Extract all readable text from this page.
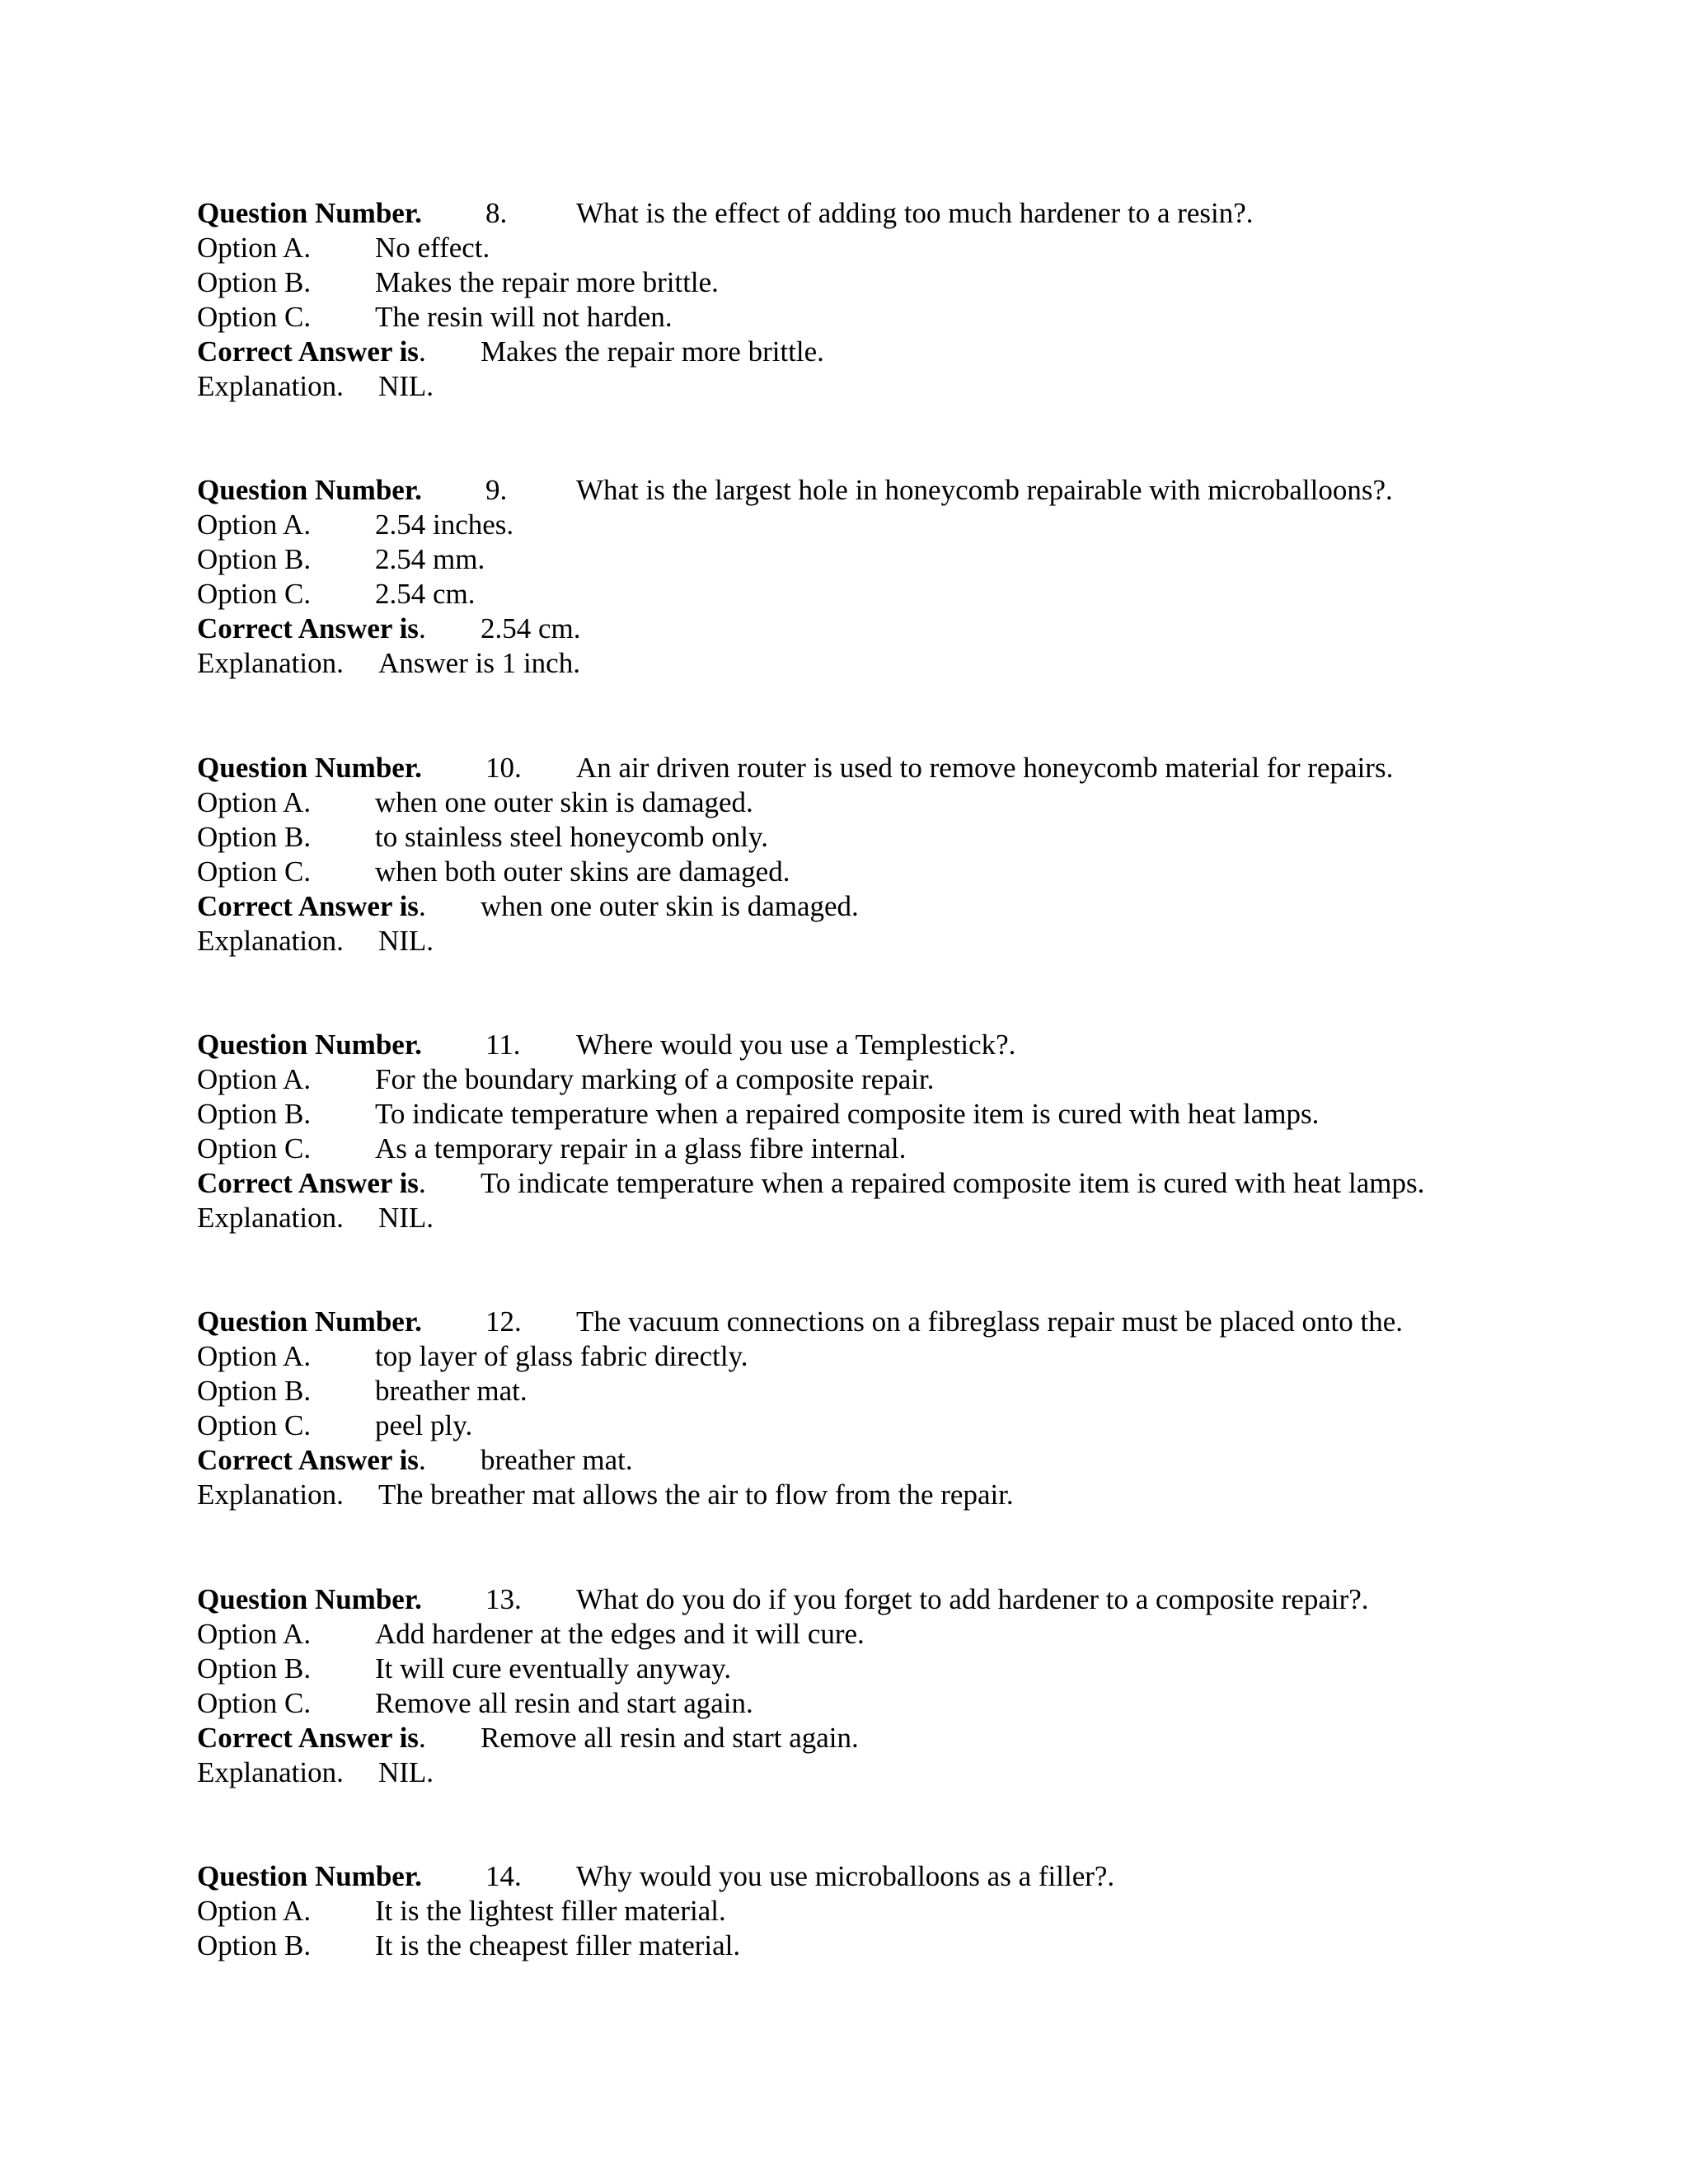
Question Number. 8. What is the effect of adding too much hardener to a resin?.
Option A. No effect.
Option B. Makes the repair more brittle.
Option C. The resin will not harden.
Correct Answer is. Makes the repair more brittle.
Explanation. NIL.
Question Number. 9. What is the largest hole in honeycomb repairable with microballoons?.
Option A. 2.54 inches.
Option B. 2.54 mm.
Option C. 2.54 cm.
Correct Answer is. 2.54 cm.
Explanation. Answer is 1 inch.
Question Number. 10. An air driven router is used to remove honeycomb material for repairs.
Option A. when one outer skin is damaged.
Option B. to stainless steel honeycomb only.
Option C. when both outer skins are damaged.
Correct Answer is. when one outer skin is damaged.
Explanation. NIL.
Question Number. 11. Where would you use a Templestick?.
Option A. For the boundary marking of a composite repair.
Option B. To indicate temperature when a repaired composite item is cured with heat lamps.
Option C. As a temporary repair in a glass fibre internal.
Correct Answer is. To indicate temperature when a repaired composite item is cured with heat lamps.
Explanation. NIL.
Question Number. 12. The vacuum connections on a fibreglass repair must be placed onto the.
Option A. top layer of glass fabric directly.
Option B. breather mat.
Option C. peel ply.
Correct Answer is. breather mat.
Explanation. The breather mat allows the air to flow from the repair.
Question Number. 13. What do you do if you forget to add hardener to a composite repair?.
Option A. Add hardener at the edges and it will cure.
Option B. It will cure eventually anyway.
Option C. Remove all resin and start again.
Correct Answer is. Remove all resin and start again.
Explanation. NIL.
Question Number. 14. Why would you use microballoons as a filler?.
Option A. It is the lightest filler material.
Option B. It is the cheapest filler material.
